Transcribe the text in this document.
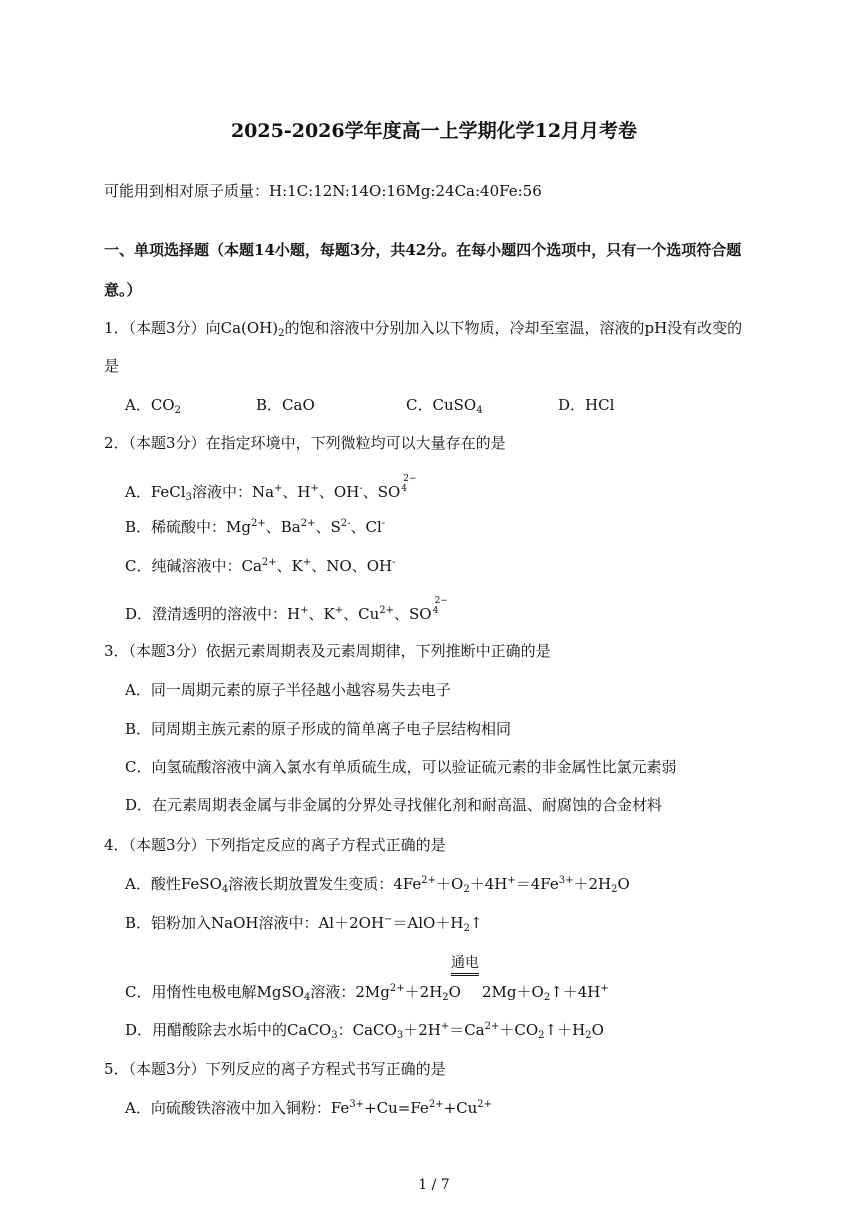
2025-2026学年度高一上学期化学12月月考卷
可能用到相对原子质量：H:1C:12N:14O:16Mg:24Ca:40Fe:56
一、单项选择题（本题14小题，每题3分，共42分。在每小题四个选项中，只有一个选项符合题
意。）
1．（本题3分）向$Ca(OH)_2$的饱和溶液中分别加入以下物质，冷却至室温，溶液的pH没有改变的
是
A．$CO_2$	B．CaO	C．CuSO$_4$	D．HCl
2．（本题3分）在指定环境中，下列微粒均可以大量存在的是
A．FeCl$_3$溶液中：Na+、H+、OH-、SO
2−
4
B．稀硫酸中：$Mg^{2+}$、$Ba^{2+}$、$S^{2-}$、Cl-
C．纯碱溶液中：$Ca^{2+}$、K+、NO、OH-
D．澄清透明的溶液中：H+、K+、$Cu^{2+}$、SO
2−
4
3．（本题3分）依据元素周期表及元素周期律，下列推断中正确的是
A．同一周期元素的原子半径越小越容易失去电子
B．同周期主族元素的原子形成的简单离子电子层结构相同
C．向氢硫酸溶液中滴入氯水有单质硫生成，可以验证硫元素的非金属性比氯元素弱
D．在元素周期表金属与非金属的分界处寻找催化剂和耐高温、耐腐蚀的合金材料
4．（本题3分）下列指定反应的离子方程式正确的是
A．酸性FeSO$_4$溶液长期放置发生变质：$4Fe^{2+}+O_2+4H^+=4Fe^{3+}+2H_2O$
B．铝粉加入NaOH溶液中：$Al+2OH^-=AlO+H_2↑$
通电
C．用惰性电极电解MgSO$_4$溶液：$2Mg^{2+}+2H_2O$ $2Mg+O_2↑+4H^+$
D．用醋酸除去水垢中的CaCO$_3$：$CaCO_3+2H^+=Ca^{2+}+CO_2↑+H_2O$
5．（本题3分）下列反应的离子方程式书写正确的是
A．向硫酸铁溶液中加入铜粉：$Fe^{3+}+Cu=Fe^{2+}+Cu^{2+}$
1 / 7
